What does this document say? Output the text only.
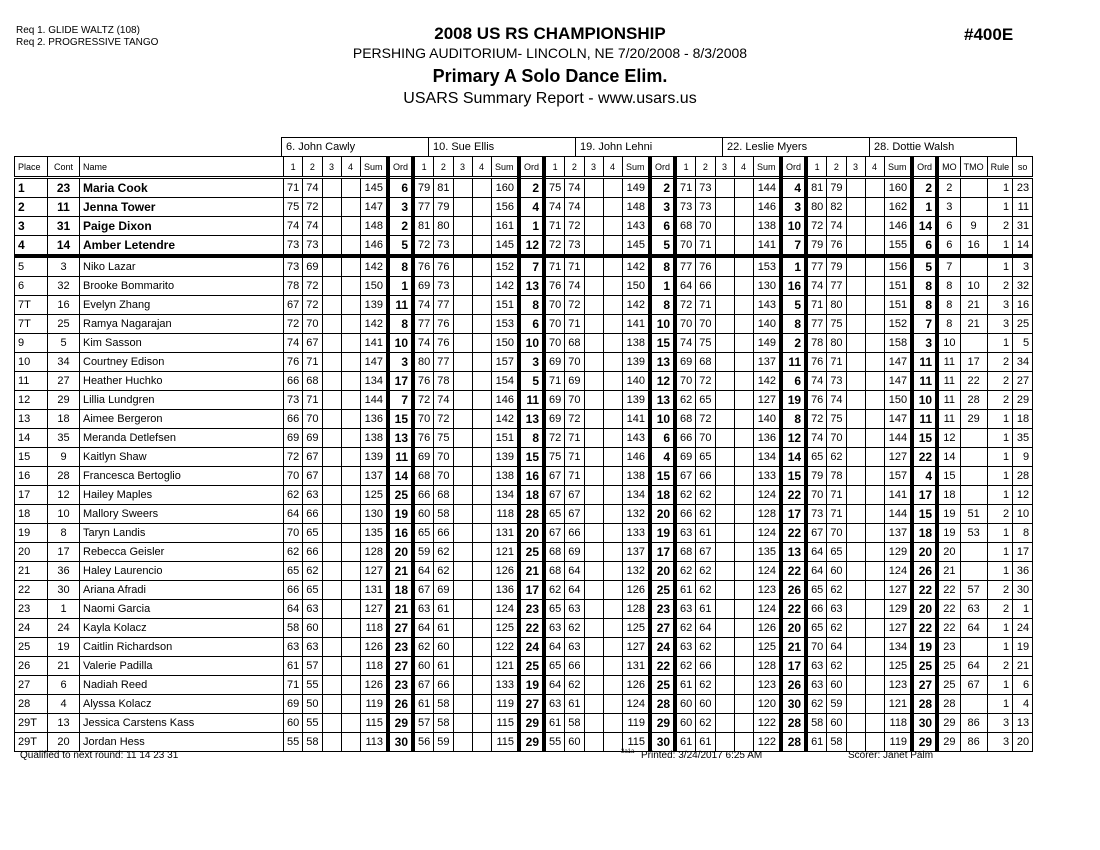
Req 1. GLIDE WALTZ (108)
Req 2. PROGRESSIVE TANGO	2008 US RS CHAMPIONSHIP
PERSHING AUDITORIUM- LINCOLN, NE 7/20/2008 - 8/3/2008
Primary A Solo Dance Elim.
USARS Summary Report - www.usars.us
#400E
6. John Cawly	10. Sue Ellis	19. John Lehni	22. Leslie Myers	28. Dottie Walsh
Place	Cont	Name	1	2	3	4	Sum	Ord	1	2	3	4	Sum	Ord	1	2	3	4	Sum	Ord	1	2	3	4	Sum	Ord	1	2	3	4	Sum	Ord	MO	TMO	Rule	so
1	23	Maria Cook	71	74			145	6	79	81			160	2	75	74			149	2	71	73			144	4	81	79			160	2	2		1	23
2	11	Jenna Tower	75	72			147	3	77	79			156	4	74	74			148	3	73	73			146	3	80	82			162	1	3		1	11
3	31	Paige Dixon	74	74			148	2	81	80			161	1	71	72			143	6	68	70			138	10	72	74			146	14	6	9	2	31
4	14	Amber Letendre	73	73			146	5	72	73			145	12	72	73			145	5	70	71			141	7	79	76			155	6	6	16	1	14
5	3	Niko Lazar	73	69			142	8	76	76			152	7	71	71			142	8	77	76			153	1	77	79			156	5	7		1	3
6	32	Brooke Bommarito	78	72			150	1	69	73			142	13	76	74			150	1	64	66			130	16	74	77			151	8	8	10	2	32
7T	16	Evelyn Zhang	67	72			139	11	74	77			151	8	70	72			142	8	72	71			143	5	71	80			151	8	8	21	3	16
7T	25	Ramya Nagarajan	72	70			142	8	77	76			153	6	70	71			141	10	70	70			140	8	77	75			152	7	8	21	3	25
9	5	Kim Sasson	74	67			141	10	74	76			150	10	70	68			138	15	74	75			149	2	78	80			158	3	10		1	5
10	34	Courtney Edison	76	71			147	3	80	77			157	3	69	70			139	13	69	68			137	11	76	71			147	11	11	17	2	34
11	27	Heather Huchko	66	68			134	17	76	78			154	5	71	69			140	12	70	72			142	6	74	73			147	11	11	22	2	27
12	29	Lillia Lundgren	73	71			144	7	72	74			146	11	69	70			139	13	62	65			127	19	76	74			150	10	11	28	2	29
13	18	Aimee Bergeron	66	70			136	15	70	72			142	13	69	72			141	10	68	72			140	8	72	75			147	11	11	29	1	18
14	35	Meranda Detlefsen	69	69			138	13	76	75			151	8	72	71			143	6	66	70			136	12	74	70			144	15	12		1	35
15	9	Kaitlyn Shaw	72	67			139	11	69	70			139	15	75	71			146	4	69	65			134	14	65	62			127	22	14		1	9
16	28	Francesca Bertoglio	70	67			137	14	68	70			138	16	67	71			138	15	67	66			133	15	79	78			157	4	15		1	28
17	12	Hailey Maples	62	63			125	25	66	68			134	18	67	67			134	18	62	62			124	22	70	71			141	17	18		1	12
18	10	Mallory Sweers	64	66			130	19	60	58			118	28	65	67			132	20	66	62			128	17	73	71			144	15	19	51	2	10
19	8	Taryn Landis	70	65			135	16	65	66			131	20	67	66			133	19	63	61			124	22	67	70			137	18	19	53	1	8
20	17	Rebecca Geisler	62	66			128	20	59	62			121	25	68	69			137	17	68	67			135	13	64	65			129	20	20		1	17
21	36	Haley Laurencio	65	62			127	21	64	62			126	21	68	64			132	20	62	62			124	22	64	60			124	26	21		1	36
22	30	Ariana Afradi	66	65			131	18	67	69			136	17	62	64			126	25	61	62			123	26	65	62			127	22	22	57	2	30
23	1	Naomi Garcia	64	63			127	21	63	61			124	23	65	63			128	23	63	61			124	22	66	63			129	20	22	63	2	1
24	24	Kayla Kolacz	58	60			118	27	64	61			125	22	63	62			125	27	62	64			126	20	65	62			127	22	22	64	1	24
25	19	Caitlin Richardson	63	63			126	23	62	60			122	24	64	63			127	24	63	62			125	21	70	64			134	19	23		1	19
26	21	Valerie Padilla	61	57			118	27	60	61			121	25	65	66			131	22	62	66			128	17	63	62			125	25	25	64	2	21
27	6	Nadiah Reed	71	55			126	23	67	66			133	19	64	62			126	25	61	62			123	26	63	60			123	27	25	67	1	6
28	4	Alyssa Kolacz	69	50			119	26	61	58			119	27	63	61			124	28	60	60			120	30	62	59			121	28	28		1	4
29T	13	Jessica Carstens Kass	60	55			115	29	57	58			115	29	61	58			119	29	60	62			122	28	58	60			118	30	29	86	3	13
29T	20	Jordan Hess	55	58			113	30	56	59			115	29	55	60			115	30	61	61			122	28	61	58			119	29	29	86	3	20
Qualified to next round: 11 14 23 31	3a1a Printed: 3/24/2017 6:25 AM	Scorer: Janet Palm
